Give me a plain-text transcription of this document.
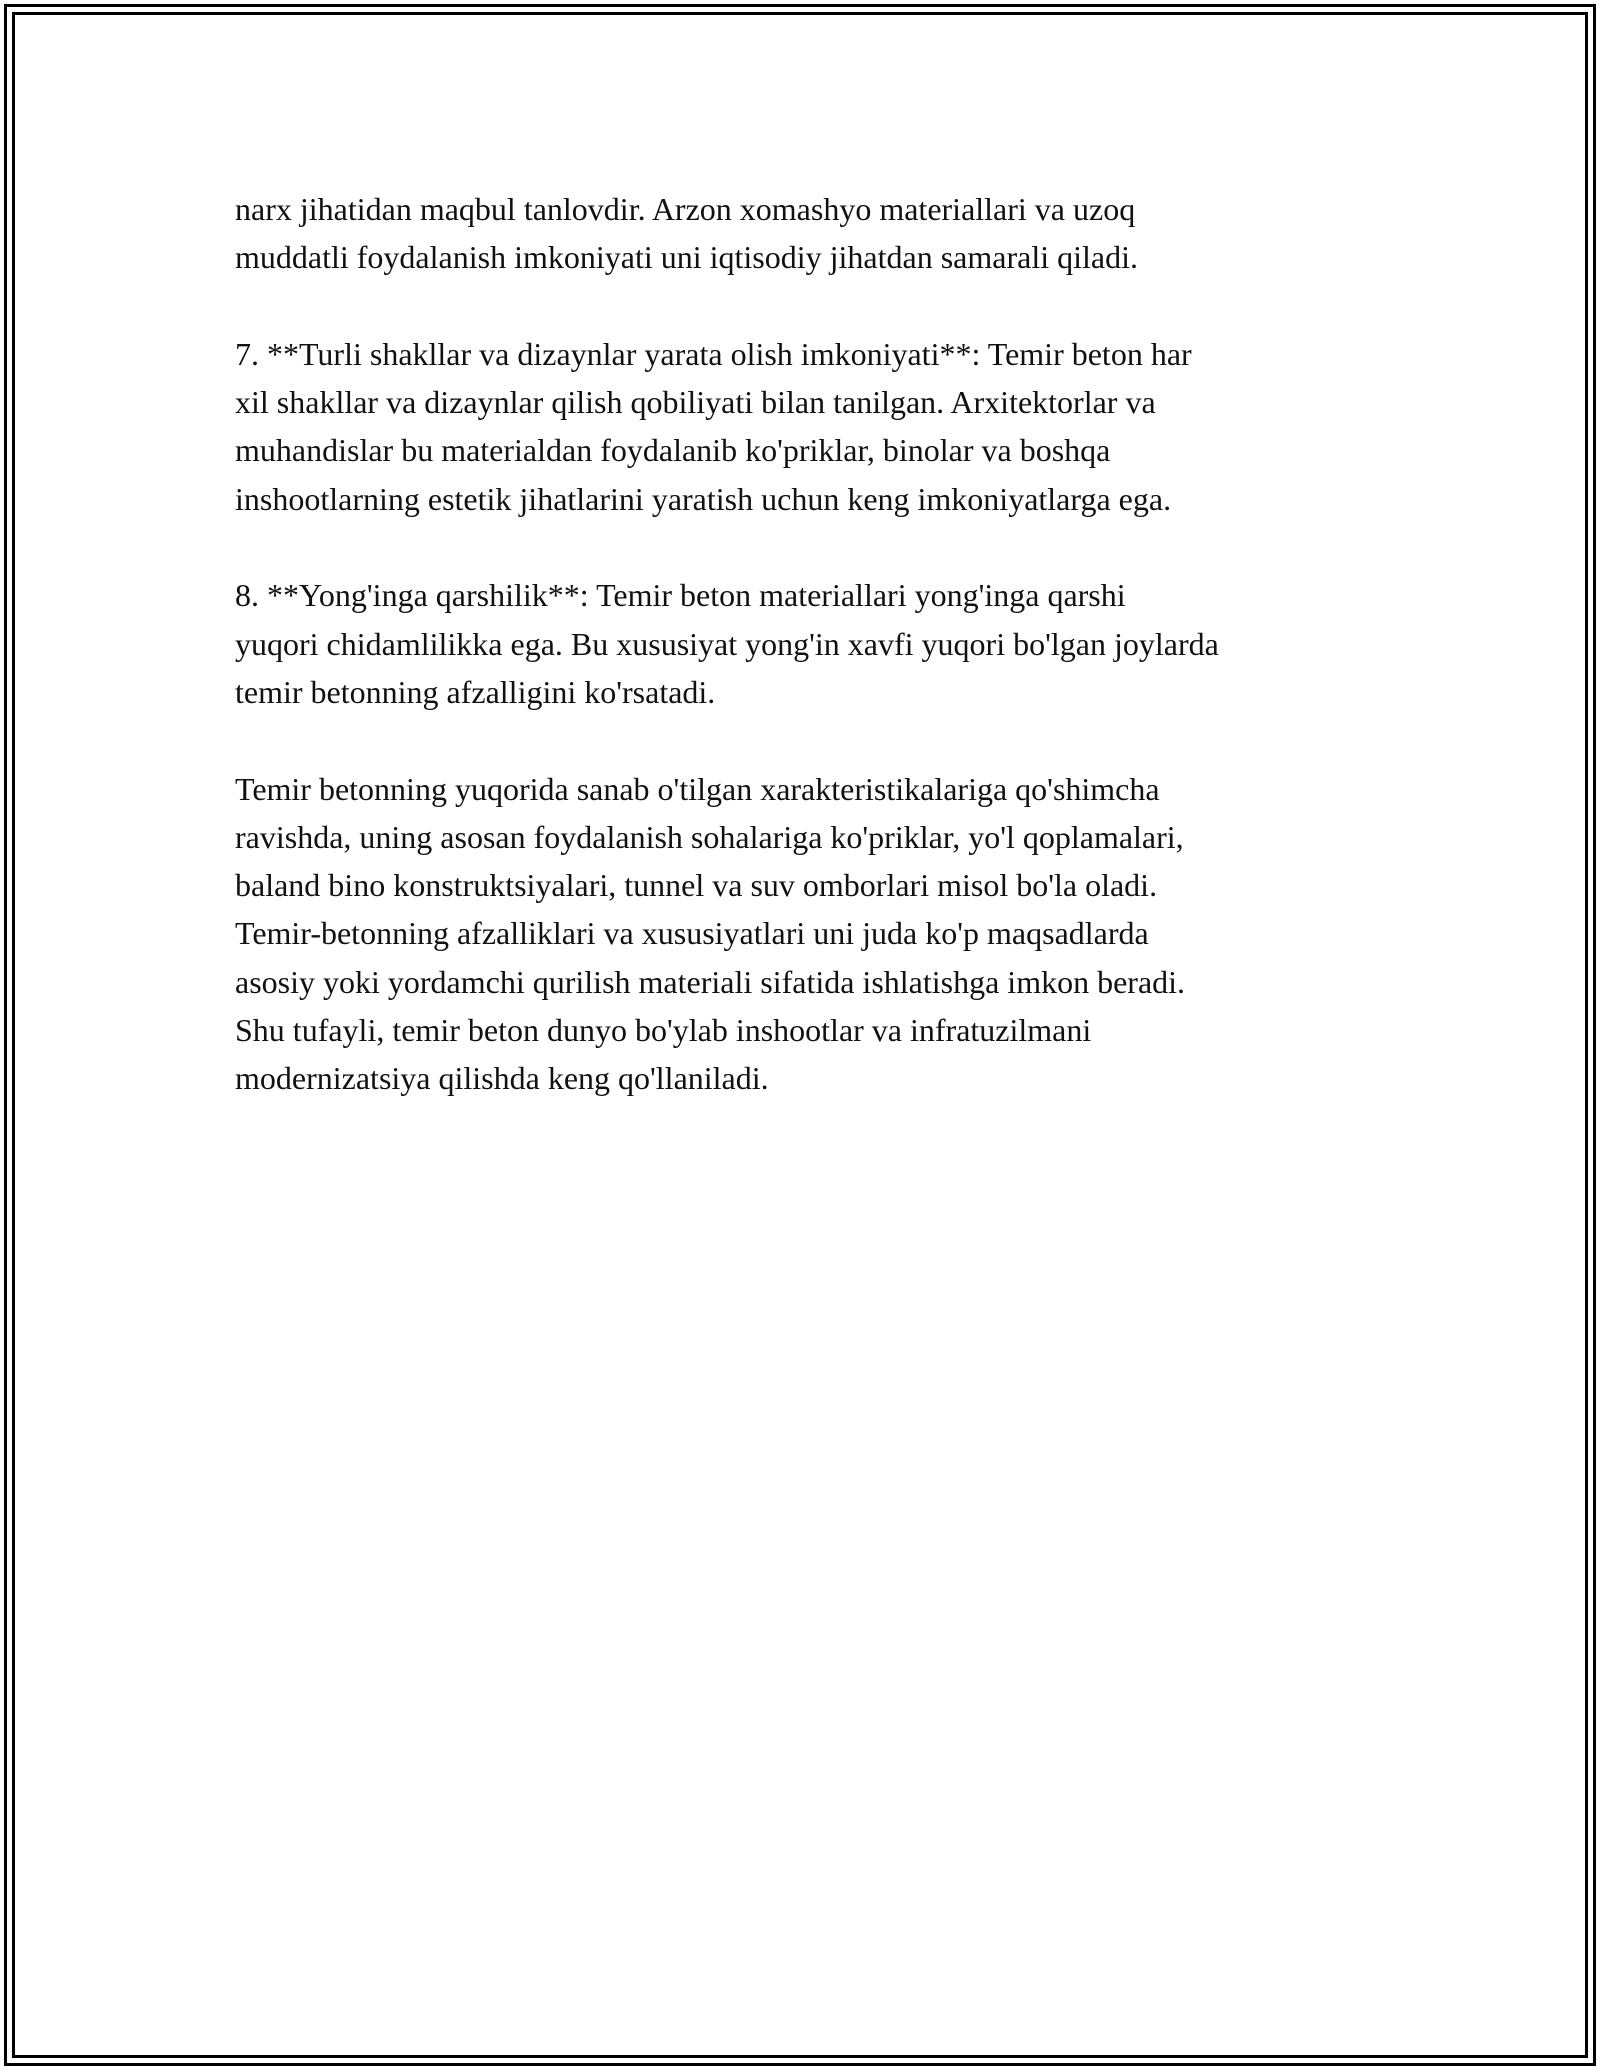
narx jihatidan maqbul tanlovdir. Arzon xomashyo materiallari va uzoq
muddatli foydalanish imkoniyati uni iqtisodiy jihatdan samarali qiladi.

7. **Turli shakllar va dizaynlar yarata olish imkoniyati**: Temir beton har
xil shakllar va dizaynlar qilish qobiliyati bilan tanilgan. Arxitektorlar va
muhandislar bu materialdan foydalanib ko'priklar, binolar va boshqa
inshootlarning estetik jihatlarini yaratish uchun keng imkoniyatlarga ega.

8. **Yong'inga qarshilik**: Temir beton materiallari yong'inga qarshi
yuqori chidamlilikka ega. Bu xususiyat yong'in xavfi yuqori bo'lgan joylarda
temir betonning afzalligini ko'rsatadi.

Temir betonning yuqorida sanab o'tilgan xarakteristikalariga qo'shimcha
ravishda, uning asosan foydalanish sohalariga ko'priklar, yo'l qoplamalari,
baland bino konstruktsiyalari, tunnel va suv omborlari misol bo'la oladi.
Temir-betonning afzalliklari va xususiyatlari uni juda ko'p maqsadlarda
asosiy yoki yordamchi qurilish materiali sifatida ishlatishga imkon beradi.
Shu tufayli, temir beton dunyo bo'ylab inshootlar va infratuzilmani
modernizatsiya qilishda keng qo'llaniladi.
